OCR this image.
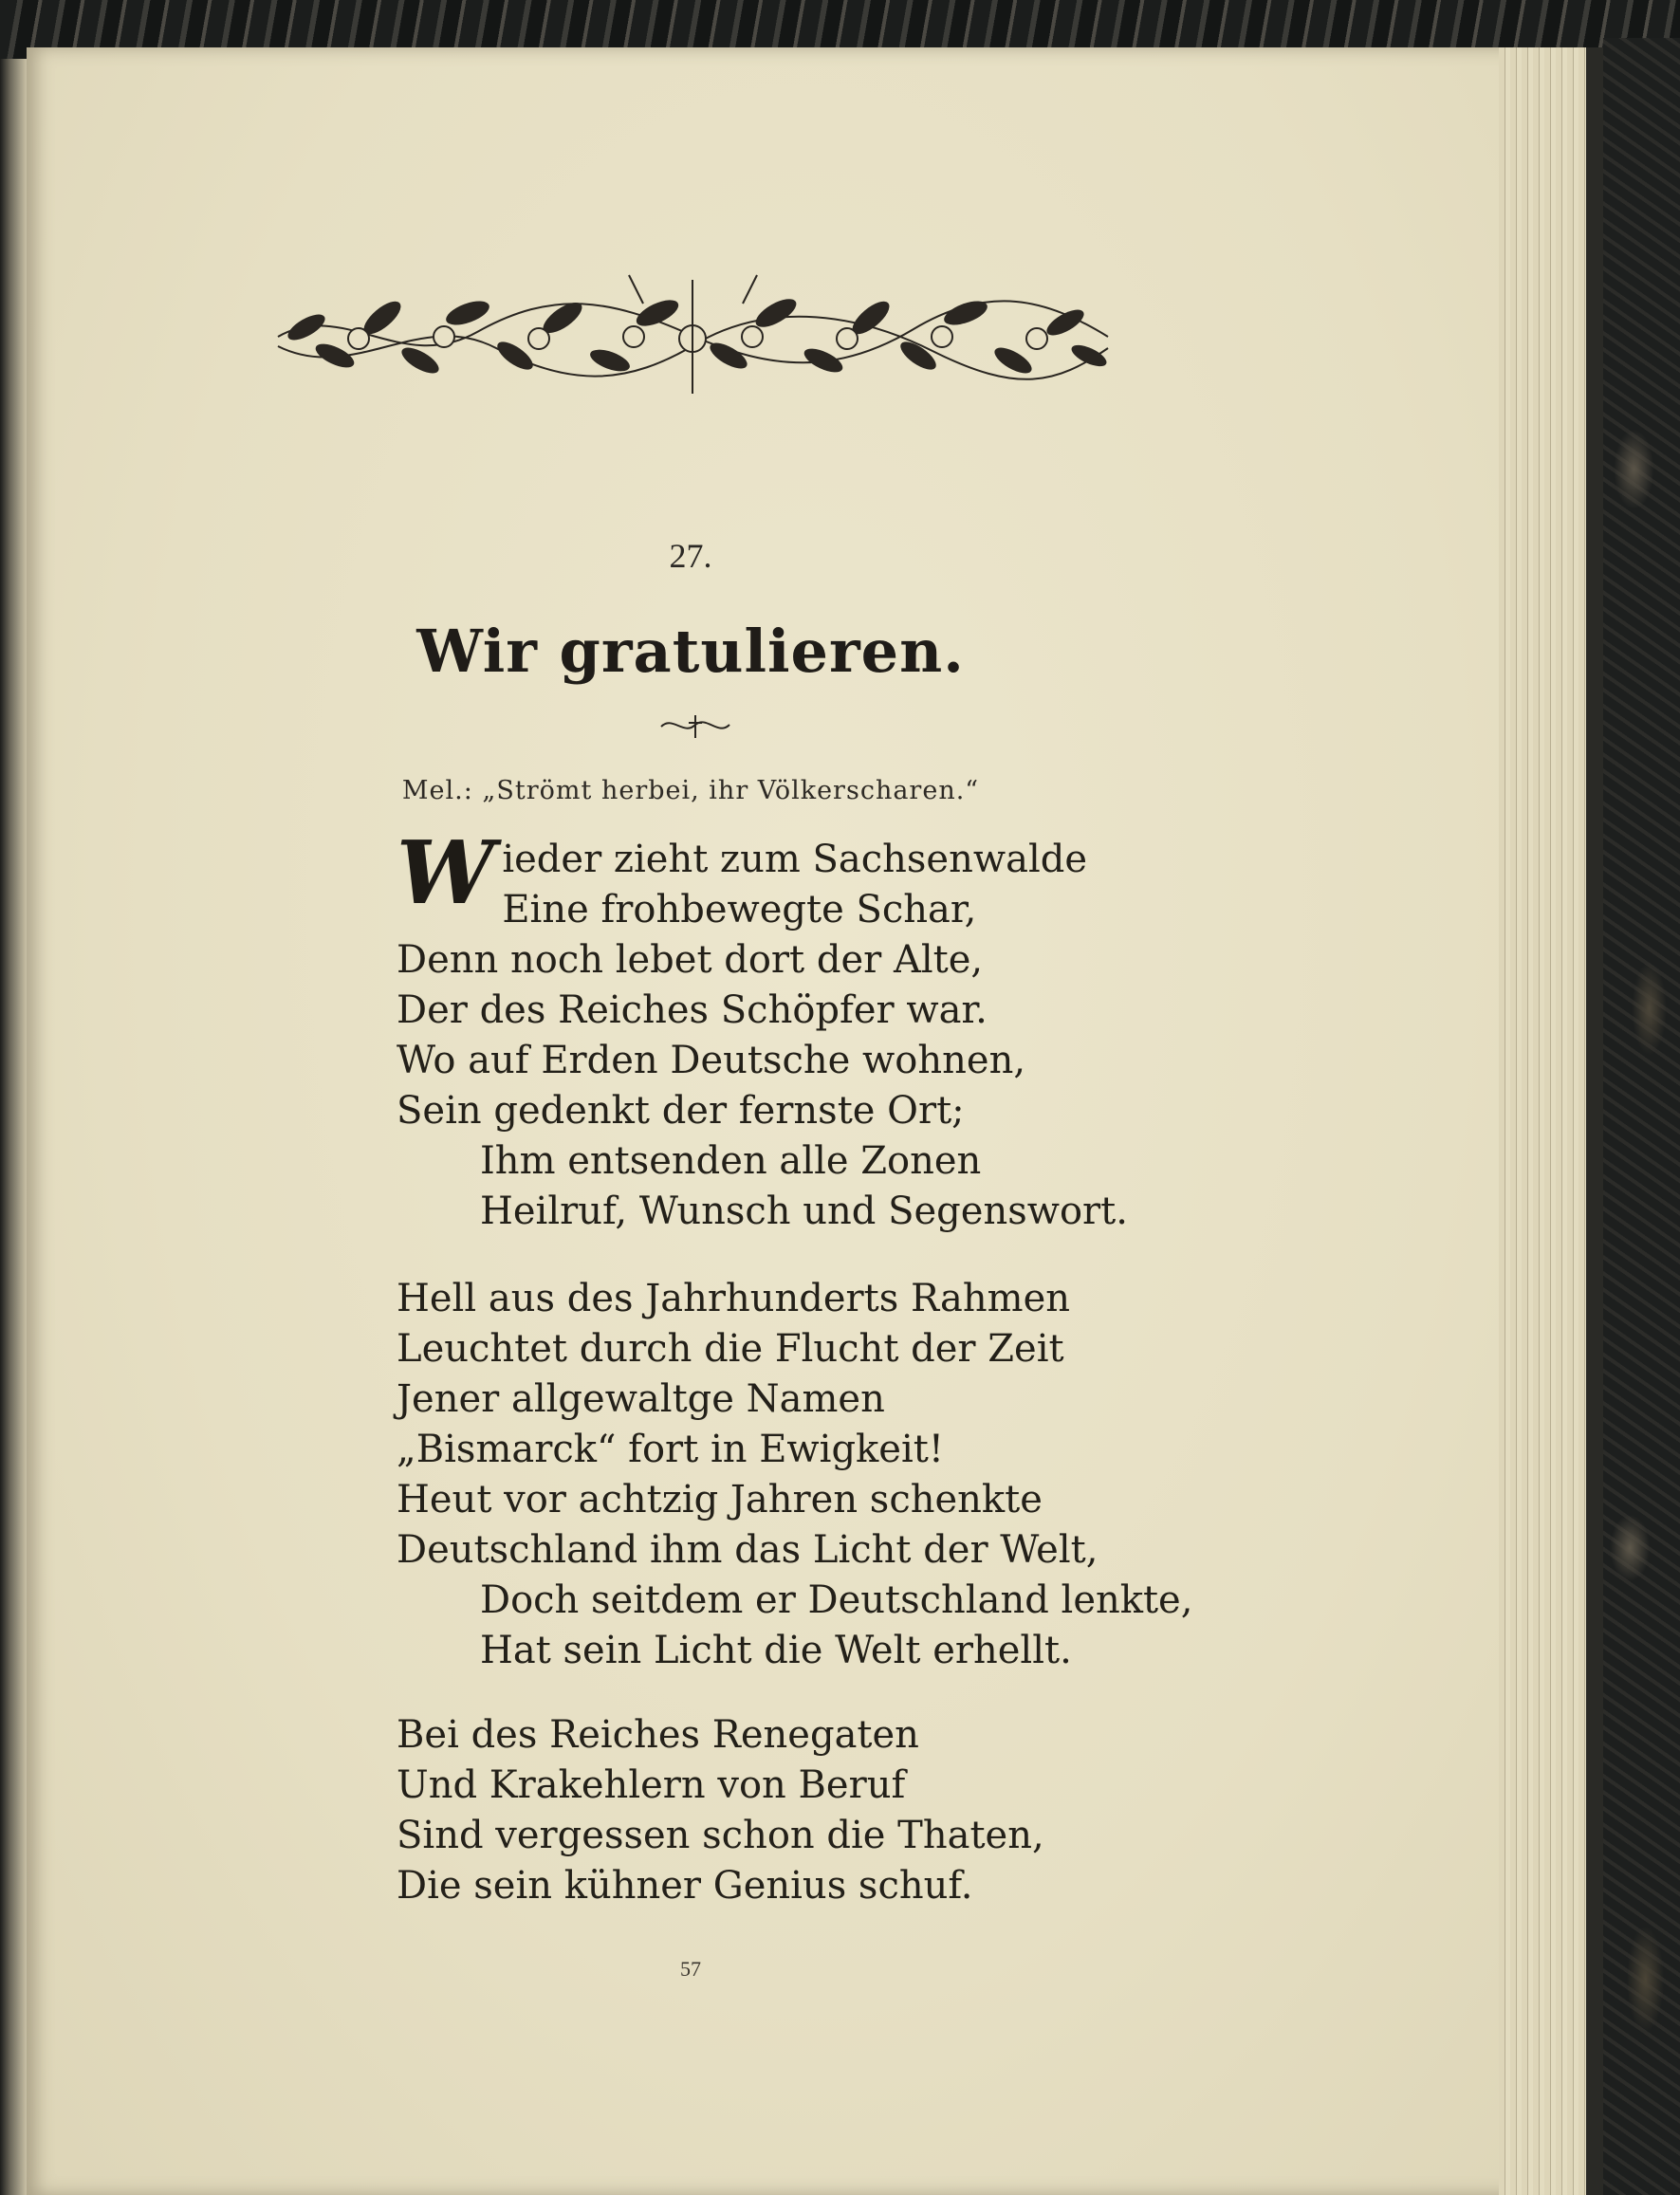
27.
Wir gratulieren.
Mel.: „Strömt herbei, ihr Völkerscharen.“
W ieder zieht zum Sachsenwalde
Eine frohbewegte Schar,
Denn noch lebet dort der Alte,
Der des Reiches Schöpfer war.
Wo auf Erden Deutsche wohnen,
Sein gedenkt der fernste Ort;
Ihm entsenden alle Zonen
Heilruf, Wunsch und Segenswort.
Hell aus des Jahrhunderts Rahmen
Leuchtet durch die Flucht der Zeit
Jener allgewaltge Namen
„Bismarck“ fort in Ewigkeit!
Heut vor achtzig Jahren schenkte
Deutschland ihm das Licht der Welt,
Doch seitdem er Deutschland lenkte,
Hat sein Licht die Welt erhellt.
Bei des Reiches Renegaten
Und Krakehlern von Beruf
Sind vergessen schon die Thaten,
Die sein kühner Genius schuf.
57
